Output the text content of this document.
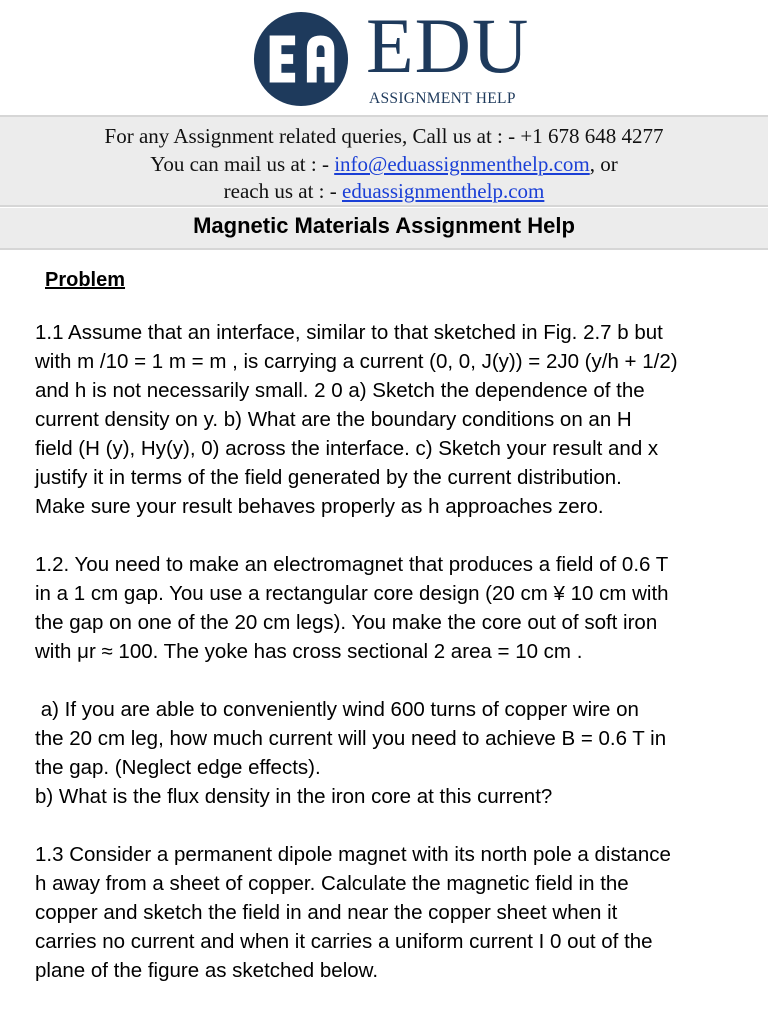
EDU
ASSIGNMENT HELP
For any Assignment related queries, Call us at : - +1 678 648 4277
You can mail us at : - info@eduassignmenthelp.com, or
reach us at : - eduassignmenthelp.com
Magnetic Materials Assignment Help
Problem
1.1 Assume that an interface, similar to that sketched in Fig. 2.7 b but
with m /10 = 1 m = m , is carrying a current (0, 0, J(y)) = 2J0 (y/h + 1/2)
and h is not necessarily small. 2 0 a) Sketch the dependence of the
current density on y. b) What are the boundary conditions on an H
field (H (y), Hy(y), 0) across the interface. c) Sketch your result and x
justify it in terms of the field generated by the current distribution.
Make sure your result behaves properly as h approaches zero.
1.2. You need to make an electromagnet that produces a field of 0.6 T
in a 1 cm gap. You use a rectangular core design (20 cm ¥ 10 cm with
the gap on one of the 20 cm legs). You make the core out of soft iron
with μr ≈ 100. The yoke has cross sectional 2 area = 10 cm .
a) If you are able to conveniently wind 600 turns of copper wire on
the 20 cm leg, how much current will you need to achieve B = 0.6 T in
the gap. (Neglect edge effects).
b) What is the flux density in the iron core at this current?
1.3 Consider a permanent dipole magnet with its north pole a distance
h away from a sheet of copper. Calculate the magnetic field in the
copper and sketch the field in and near the copper sheet when it
carries no current and when it carries a uniform current I 0 out of the
plane of the figure as sketched below.
